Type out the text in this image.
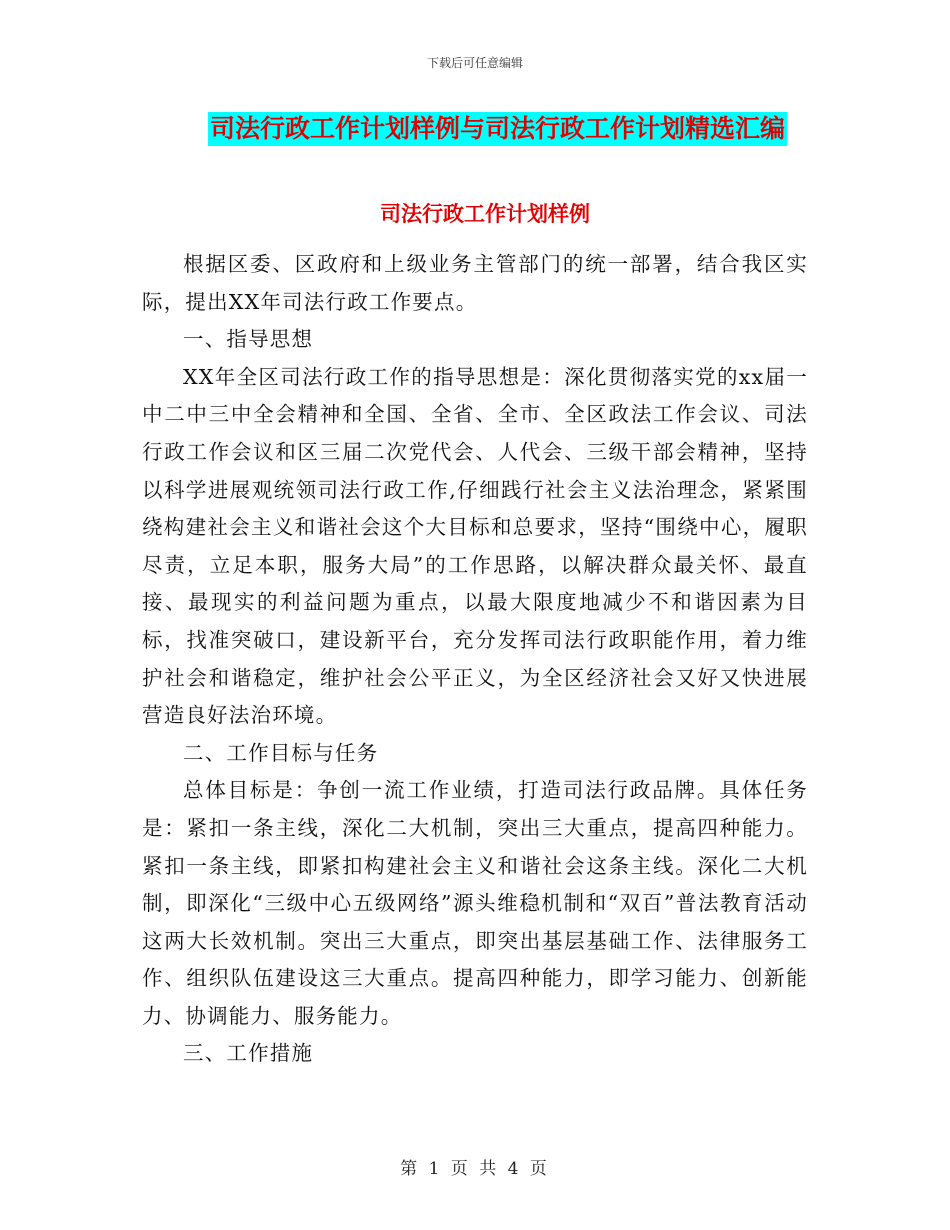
下载后可任意编辑
司法行政工作计划样例与司法行政工作计划精选汇编
司法行政工作计划样例

根据区委、区政府和上级业务主管部门的统一部署，结合我区实际，提出XX年司法行政工作要点。

一、指导思想

XX年全区司法行政工作的指导思想是：深化贯彻落实党的xx届一中二中三中全会精神和全国、全省、全市、全区政法工作会议、司法行政工作会议和区三届二次党代会、人代会、三级干部会精神，坚持以科学进展观统领司法行政工作,仔细践行社会主义法治理念，紧紧围绕构建社会主义和谐社会这个大目标和总要求，坚持“围绕中心，履职尽责，立足本职，服务大局”的工作思路，以解决群众最关怀、最直接、最现实的利益问题为重点，以最大限度地减少不和谐因素为目标，找准突破口，建设新平台，充分发挥司法行政职能作用，着力维护社会和谐稳定，维护社会公平正义，为全区经济社会又好又快进展营造良好法治环境。

二、工作目标与任务

总体目标是：争创一流工作业绩，打造司法行政品牌。具体任务是：紧扣一条主线，深化二大机制，突出三大重点，提高四种能力。紧扣一条主线，即紧扣构建社会主义和谐社会这条主线。深化二大机制，即深化“三级中心五级网络”源头维稳机制和“双百”普法教育活动这两大长效机制。突出三大重点，即突出基层基础工作、法律服务工作、组织队伍建设这三大重点。提高四种能力，即学习能力、创新能力、协调能力、服务能力。

三、工作措施

第 1 页 共 4 页
